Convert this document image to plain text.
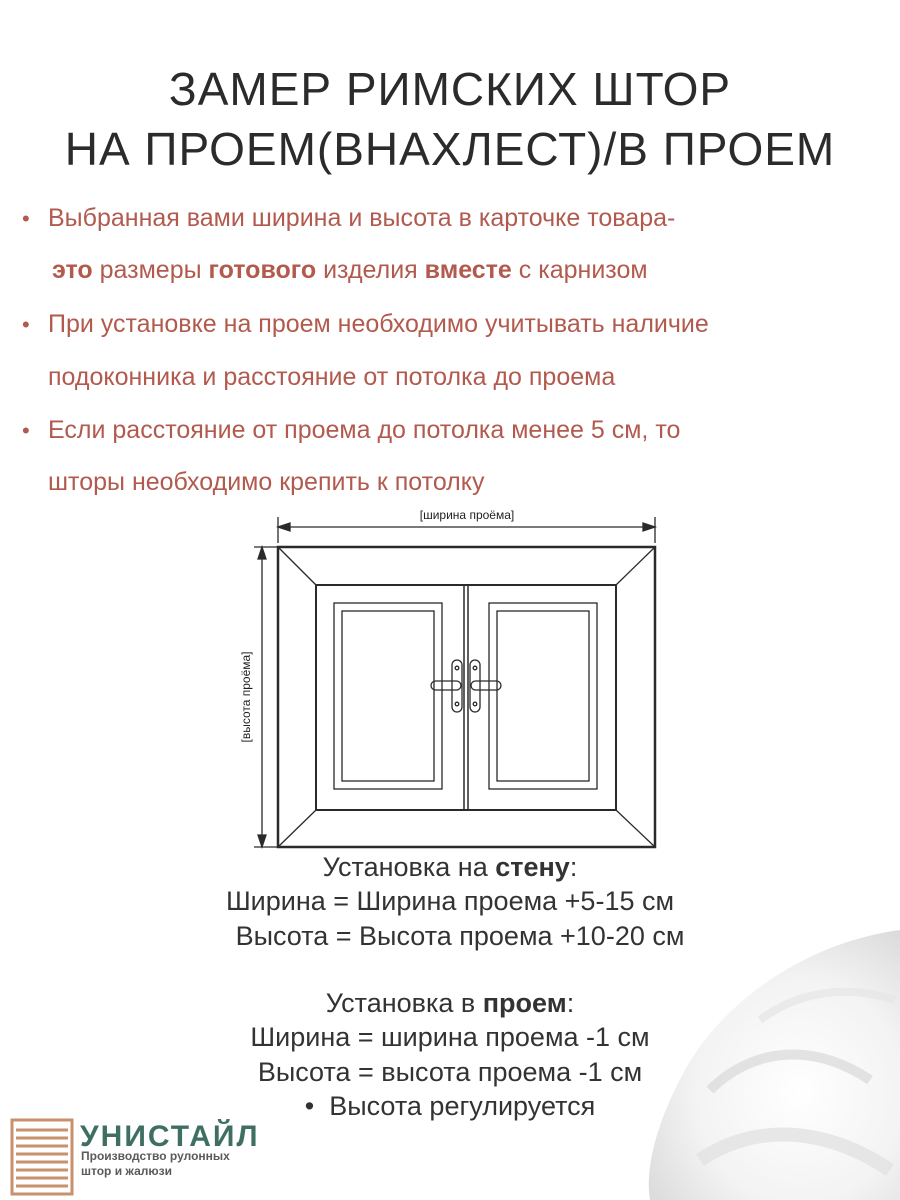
ЗАМЕР РИМСКИХ ШТОР
НА ПРОЕМ(ВНАХЛЕСТ)/В ПРОЕМ
• Выбранная вами ширина и высота в карточке товара-
это размеры готового изделия вместе с карнизом
• При установке на проем необходимо учитывать наличие
подоконника и расстояние от потолка до проема
• Если расстояние от проема до потолка менее 5 см, то
шторы необходимо крепить к потолку
[ширина проёма]
[высота проёма]
Установка на стену:
Ширина = Ширина проема +5-15 см
Высота = Высота проема +10-20 см
Установка в проем:
Ширина = ширина проема -1 см
Высота = высота проема -1 см
• Высота регулируется
УНИСТАЙЛ
Производство рулонных
штор и жалюзи
